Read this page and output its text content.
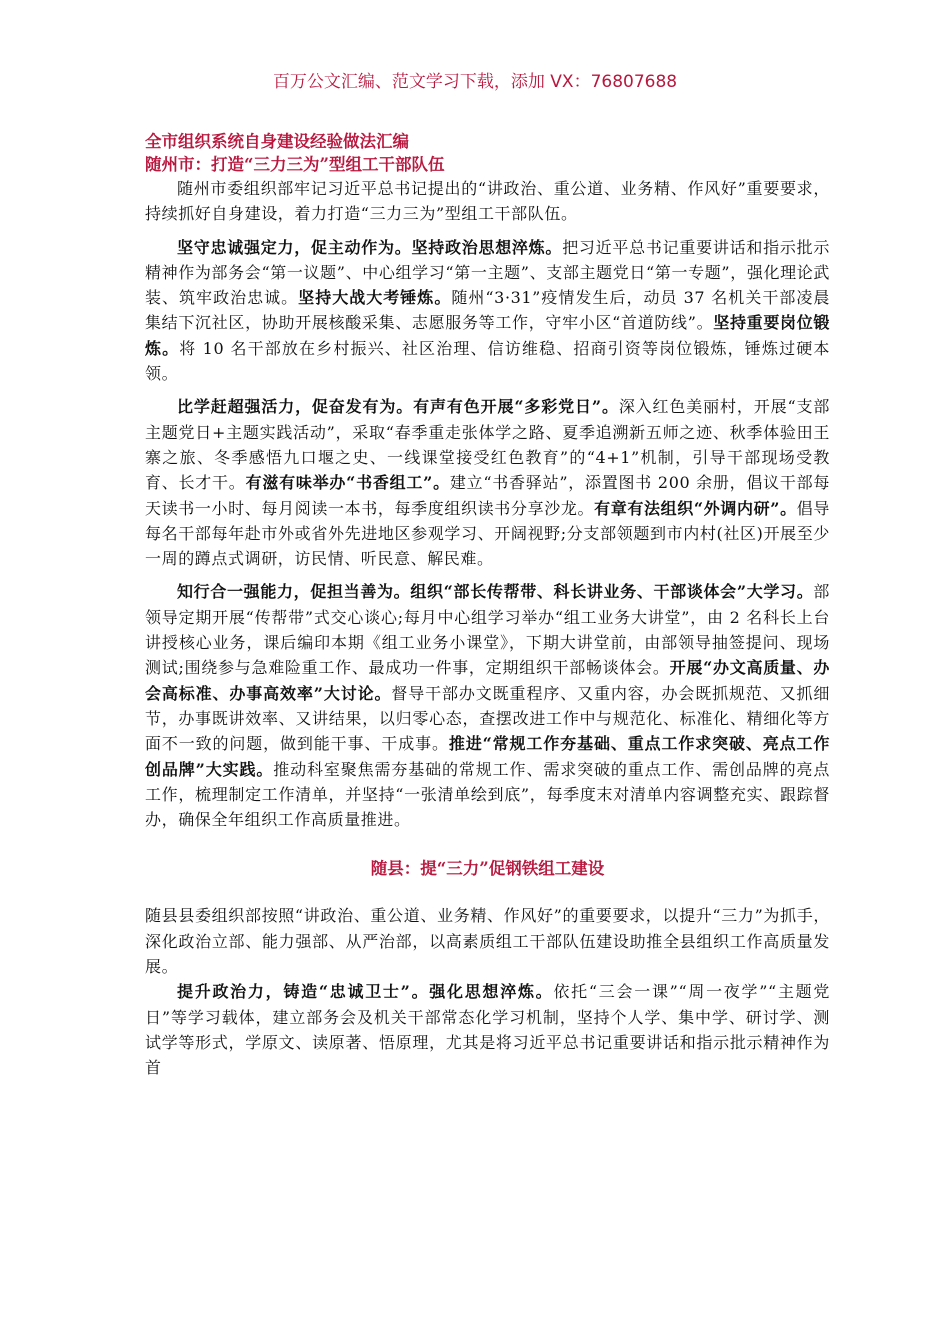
百万公文汇编、范文学习下载，添加 VX：76807688
全市组织系统自身建设经验做法汇编
随州市：打造“三力三为”型组工干部队伍

随州市委组织部牢记习近平总书记提出的“讲政治、重公道、业务精、作风好”重要要求，持续抓好自身建设，着力打造“三力三为”型组工干部队伍。

坚守忠诚强定力，促主动作为。坚持政治思想淬炼。把习近平总书记重要讲话和指示批示精神作为部务会“第一议题”、中心组学习“第一主题”、支部主题党日“第一专题”，强化理论武装、筑牢政治忠诚。坚持大战大考锤炼。随州“3·31”疫情发生后，动员 37 名机关干部凌晨集结下沉社区，协助开展核酸采集、志愿服务等工作，守牢小区“首道防线”。坚持重要岗位锻炼。将 10 名干部放在乡村振兴、社区治理、信访维稳、招商引资等岗位锻炼，锤炼过硬本领。

比学赶超强活力，促奋发有为。有声有色开展“多彩党日”。深入红色美丽村，开展“支部主题党日+主题实践活动”，采取“春季重走张体学之路、夏季追溯新五师之迹、秋季体验田王寨之旅、冬季感悟九口堰之史、一线课堂接受红色教育”的“4+1”机制，引导干部现场受教育、长才干。有滋有味举办“书香组工”。建立“书香驿站”，添置图书 200 余册，倡议干部每天读书一小时、每月阅读一本书，每季度组织读书分享沙龙。有章有法组织“外调内研”。倡导每名干部每年赴市外或省外先进地区参观学习、开阔视野;分支部领题到市内村(社区)开展至少一周的蹲点式调研，访民情、听民意、解民难。

知行合一强能力，促担当善为。组织“部长传帮带、科长讲业务、干部谈体会”大学习。部领导定期开展“传帮带”式交心谈心;每月中心组学习举办“组工业务大讲堂”，由 2 名科长上台讲授核心业务，课后编印本期《组工业务小课堂》，下期大讲堂前，由部领导抽签提问、现场测试;围绕参与急难险重工作、最成功一件事，定期组织干部畅谈体会。开展“办文高质量、办会高标准、办事高效率”大讨论。督导干部办文既重程序、又重内容，办会既抓规范、又抓细节，办事既讲效率、又讲结果，以归零心态，查摆改进工作中与规范化、标准化、精细化等方面不一致的问题，做到能干事、干成事。推进“常规工作夯基础、重点工作求突破、亮点工作创品牌”大实践。推动科室聚焦需夯基础的常规工作、需求突破的重点工作、需创品牌的亮点工作，梳理制定工作清单，并坚持“一张清单绘到底”，每季度末对清单内容调整充实、跟踪督办，确保全年组织工作高质量推进。

随县：提“三力”促钢铁组工建设

随县县委组织部按照“讲政治、重公道、业务精、作风好”的重要要求，以提升“三力”为抓手，深化政治立部、能力强部、从严治部，以高素质组工干部队伍建设助推全县组织工作高质量发展。

提升政治力，铸造“忠诚卫士”。强化思想淬炼。依托“三会一课”“周一夜学”“主题党日”等学习载体，建立部务会及机关干部常态化学习机制，坚持个人学、集中学、研讨学、测试学等形式，学原文、读原著、悟原理，尤其是将习近平总书记重要讲话和指示批示精神作为首
